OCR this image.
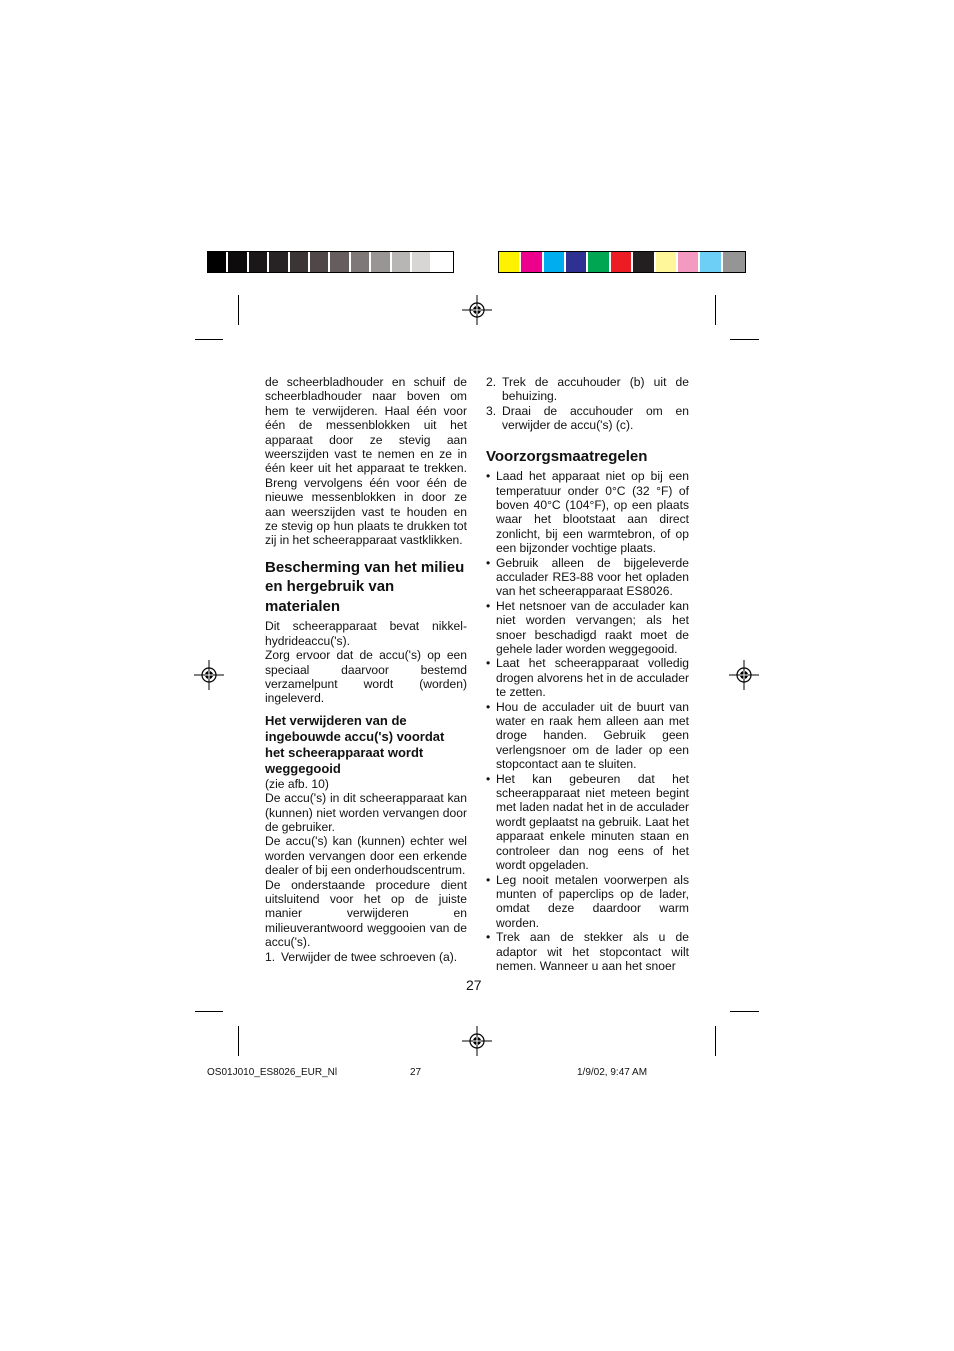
de scheerbladhouder en schuif de scheerbladhouder naar boven om hem te verwijderen. Haal één voor één de messenblokken uit het apparaat door ze stevig aan weerszijden vast te nemen en ze in één keer uit het apparaat te trekken. Breng vervolgens één voor één de nieuwe messenblokken in door ze aan weerszijden vast te houden en ze stevig op hun plaats te drukken tot zij in het scheerapparaat vastklikken.

Bescherming van het milieu en hergebruik van materialen

Dit scheerapparaat bevat nikkel-hydrideaccu('s).

Zorg ervoor dat de accu('s) op een speciaal daarvoor bestemd verzamelpunt wordt (worden) ingeleverd.

Het verwijderen van de ingebouwde accu('s) voordat het scheerapparaat wordt weggegooid

(zie afb. 10)

De accu('s) in dit scheerapparaat kan (kunnen) niet worden vervangen door de gebruiker.

De accu('s) kan (kunnen) echter wel worden vervangen door een erkende dealer of bij een onderhoudscentrum.

De onderstaande procedure dient uitsluitend voor het op de juiste manier verwijderen en milieuverantwoord weggooien van de accu('s).

1. Verwijder de twee schroeven (a).
2. Trek de accuhouder (b) uit de behuizing.
3. Draai de accuhouder om en verwijder de accu('s) (c).
Voorzorgsmaatregelen
• Laad het apparaat niet op bij een temperatuur onder 0°C (32 °F) of boven 40°C (104°F), op een plaats waar het blootstaat aan direct zonlicht, bij een warmtebron, of op een bijzonder vochtige plaats.
• Gebruik alleen de bijgeleverde acculader RE3-88 voor het opladen van het scheerapparaat ES8026.
• Het netsnoer van de acculader kan niet worden vervangen; als het snoer beschadigd raakt moet de gehele lader worden weggegooid.
• Laat het scheerapparaat volledig drogen alvorens het in de acculader te zetten.
• Hou de acculader uit de buurt van water en raak hem alleen aan met droge handen. Gebruik geen verlengsnoer om de lader op een stopcontact aan te sluiten.
• Het kan gebeuren dat het scheerapparaat niet meteen begint met laden nadat het in de acculader wordt geplaatst na gebruik. Laat het apparaat enkele minuten staan en controleer dan nog eens of het wordt opgeladen.
• Leg nooit metalen voorwerpen als munten of paperclips op de lader, omdat deze daardoor warm worden.
• Trek aan de stekker als u de adaptor wit het stopcontact wilt nemen. Wanneer u aan het snoer
27
OS01J010_ES8026_EUR_Nl	27	1/9/02, 9:47 AM
